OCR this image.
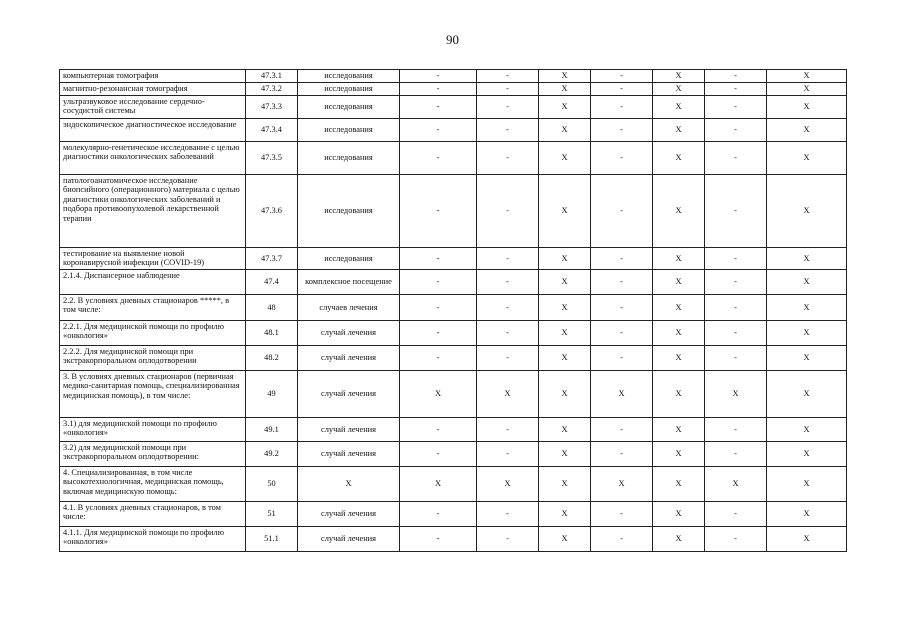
90
компьютерная томография	47.3.1	исследования	-	-	X	-	X	-	X
магнитно-резонансная томография	47.3.2	исследования	-	-	X	-	X	-	X
ультразвуковое исследование сердечно-сосудистой системы	47.3.3	исследования	-	-	X	-	X	-	X
эндоскопическое диагностическое исследование	47.3.4	исследования	-	-	X	-	X	-	X
молекулярно-генетическое исследование с целью диагностики онкологических заболеваний	47.3.5	исследования	-	-	X	-	X	-	X
патологоанатомическое исследование биопсийного (операционного) материала с целью диагностики онкологических заболеваний и подбора противоопухолевой лекарственной терапии	47.3.6	исследования	-	-	X	-	X	-	X
тестирование на выявление новой коронавирусной инфекции (COVID-19)	47.3.7	исследования	-	-	X	-	X	-	X
2.1.4. Диспансерное наблюдение	47.4	комплексное посещение	-	-	X	-	X	-	X
2.2. В условиях дневных стационаров *****, в том числе:	48	случаев лечения	-	-	X	-	X	-	X
2.2.1. Для медицинской помощи по профилю «онкология»	48.1	случай лечения	-	-	X	-	X	-	X
2.2.2. Для медицинской помощи при экстракорпоральном оплодотворении	48.2	случай лечения	-	-	X	-	X	-	X
3. В условиях дневных стационаров (первичная медико-санитарная помощь, специализированная медицинская помощь), в том числе:	49	случай лечения	X	X	X	X	X	X	X
3.1) для медицинской помощи по профилю «онкология»	49.1	случай лечения	-	-	X	-	X	-	X
3.2) для медицинской помощи при экстракорпоральном оплодотворении:	49.2	случай лечения	-	-	X	-	X	-	X
4. Специализированная, в том числе высокотехнологичная, медицинская помощь, включая медицинскую помощь:	50	X	X	X	X	X	X	X	X
4.1. В условиях дневных стационаров, в том числе:	51	случай лечения	-	-	X	-	X	-	X
4.1.1. Для медицинской помощи по профилю «онкология»	51.1	случай лечения	-	-	X	-	X	-	X
